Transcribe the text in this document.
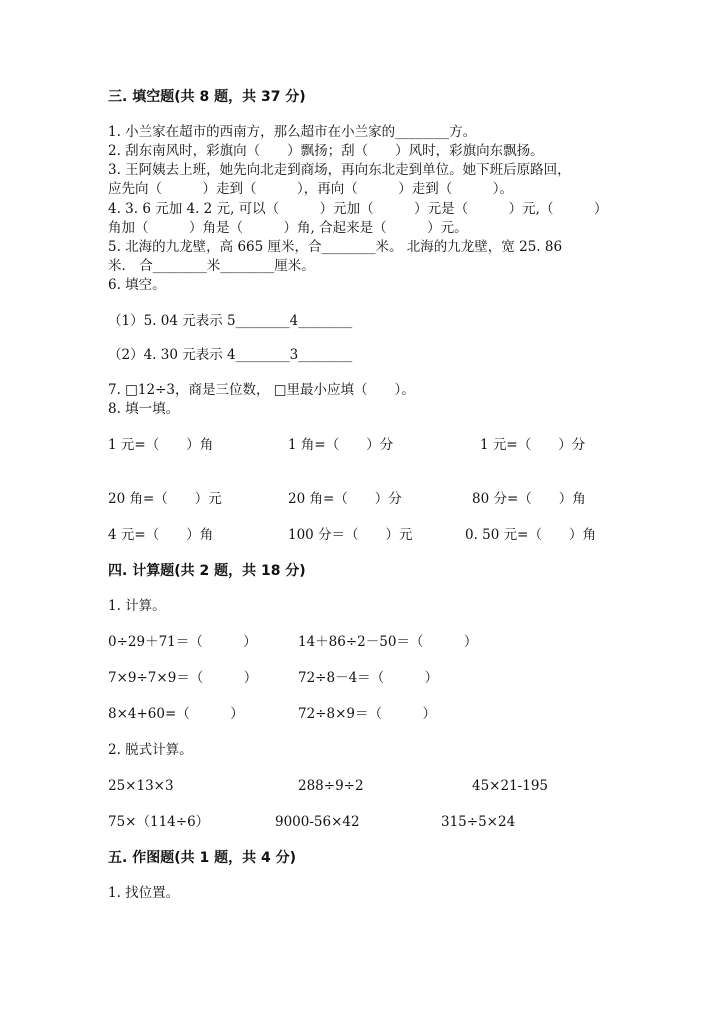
三. 填空题(共 8 题，共 37 分)
1. 小兰家在超市的西南方，那么超市在小兰家的________方。
2. 刮东南风时，彩旗向（　　）飘扬；刮（　　）风时，彩旗向东飘扬。
3. 王阿姨去上班，她先向北走到商场，再向东北走到单位。她下班后原路回，
应先向（　　　）走到（　　　），再向（　　　）走到（　　　）。
4. 3. 6 元加 4. 2 元, 可以（　　　）元加（　　　）元是（　　　）元,（　　　）
角加（　　　）角是（　　　）角, 合起来是（　　　）元。
5. 北海的九龙壁，高 665 厘米，合________米。 北海的九龙壁，宽 25. 86
米． 合________米________厘米。
6. 填空。
（1）5. 04 元表示 5________4________
（2）4. 30 元表示 4________3________
7. □12÷3，商是三位数， □里最小应填（　　）。
8. 填一填。
1 元=（　　）角	1 角=（　　）分	1 元=（　　）分
20 角=（　　）元	20 角=（　　）分	80 分=（　　）角
4 元=（　　）角	100 分＝（　　）元	0. 50 元=（　　）角
四. 计算题(共 2 题，共 18 分)
1. 计算。
0÷29＋71＝（　　　）	14＋86÷2－50＝（　　　）
7×9÷7×9＝（　　　）	72÷8－4＝（　　　）
8×4+60=（　　　）	72÷8×9＝（　　　）
2. 脱式计算。
25×13×3	288÷9÷2	45×21-195
75×（114÷6）	9000-56×42	315÷5×24
五. 作图题(共 1 题，共 4 分)
1. 找位置。
